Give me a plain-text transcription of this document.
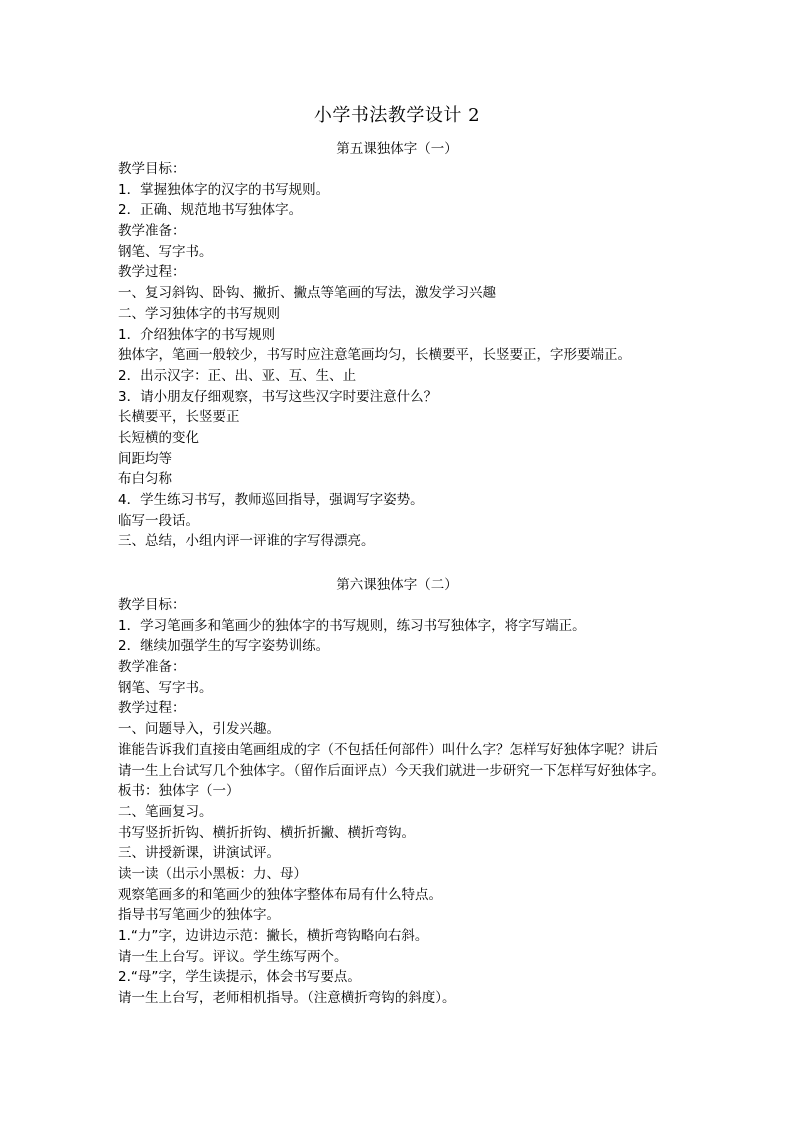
小学书法教学设计 2
第五课独体字（一）
教学目标：
1．掌握独体字的汉字的书写规则。
2．正确、规范地书写独体字。
教学准备：
钢笔、写字书。
教学过程：
一、复习斜钩、卧钩、撇折、撇点等笔画的写法，激发学习兴趣
二、学习独体字的书写规则
1．介绍独体字的书写规则
独体字，笔画一般较少，书写时应注意笔画均匀，长横要平，长竖要正，字形要端正。
2．出示汉字：正、出、亚、互、生、止
3．请小朋友仔细观察，书写这些汉字时要注意什么？
长横要平，长竖要正
长短横的变化
间距均等
布白匀称
4．学生练习书写，教师巡回指导，强调写字姿势。
临写一段话。
三、总结，小组内评一评谁的字写得漂亮。
第六课独体字（二）
教学目标：
1．学习笔画多和笔画少的独体字的书写规则，练习书写独体字，将字写端正。
2．继续加强学生的写字姿势训练。
教学准备：
钢笔、写字书。
教学过程：
一、问题导入，引发兴趣。
谁能告诉我们直接由笔画组成的字（不包括任何部件）叫什么字？怎样写好独体字呢？讲后
请一生上台试写几个独体字。（留作后面评点）今天我们就进一步研究一下怎样写好独体字。
板书：独体字（一）
二、笔画复习。
书写竖折折钩、横折折钩、横折折撇、横折弯钩。
三、讲授新课，讲演试评。
读一读（出示小黑板：力、母）
观察笔画多的和笔画少的独体字整体布局有什么特点。
指导书写笔画少的独体字。
1.“力”字，边讲边示范：撇长，横折弯钩略向右斜。
请一生上台写。评议。学生练写两个。
2.“母”字，学生读提示，体会书写要点。
请一生上台写，老师相机指导。（注意横折弯钩的斜度）。
